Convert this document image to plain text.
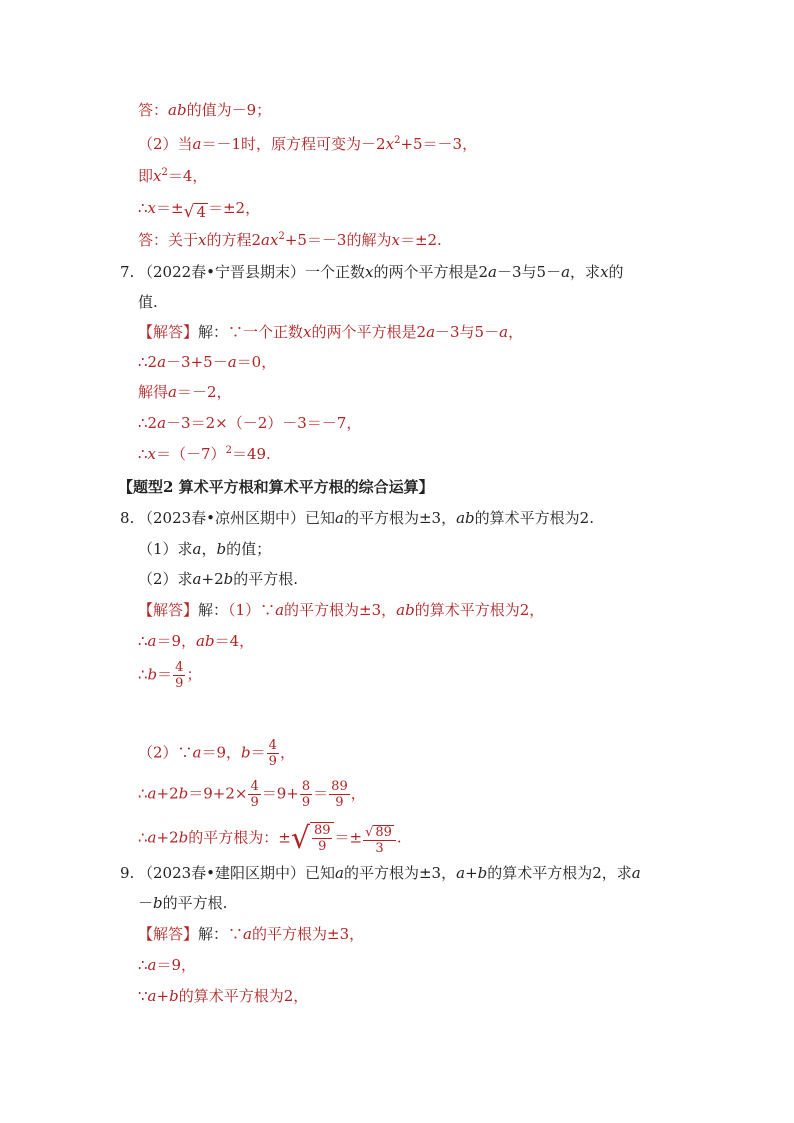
答：ab的值为－9；
（2）当a＝－1时，原方程可变为$-2x^2+5=-3$，
即$x^2=4$，
∴x＝± √ 4 ＝±2，
答：关于x的方程$2ax^2+5=-3$的解为x＝±2.
7. （2022春•宁晋县期末）一个正数x的两个平方根是2a－3与5－a，求x的
值.
【解答】解：∵一个正数x的两个平方根是2a－3与5－a，
∴2a－3+5－a＝0，
解得a＝－2，
∴2a－3＝2×（－2）－3＝－7，
$\therefore x=(-7)^2=49$.
【题型2 算术平方根和算术平方根的综合运算】
8. （2023春•凉州区期中）已知a的平方根为±3，ab的算术平方根为2.
（1）求a，b的值；
（2）求a+2b的平方根.
【解答】解：（1）∵a的平方根为±3，ab的算术平方根为2，
∴a＝9，ab＝4，
∴b＝ $\frac{4}{9}$ ；
（2）∵a＝9，$b= \frac{4}{9}$ ，
∴a+2b＝9+2× $\frac{4}{9} =9+ \frac{8}{9} = \frac{89}{9}$ ，
∴a+2b的平方根为：± √ $\frac{89}{9} =\pm \frac{√ 89}{3}$ .
9. （2023春•建阳区期中）已知a的平方根为±3，a+b的算术平方根为2，求a
－b的平方根.
【解答】解：∵a的平方根为±3，
∴a＝9，
∵a+b的算术平方根为2，
